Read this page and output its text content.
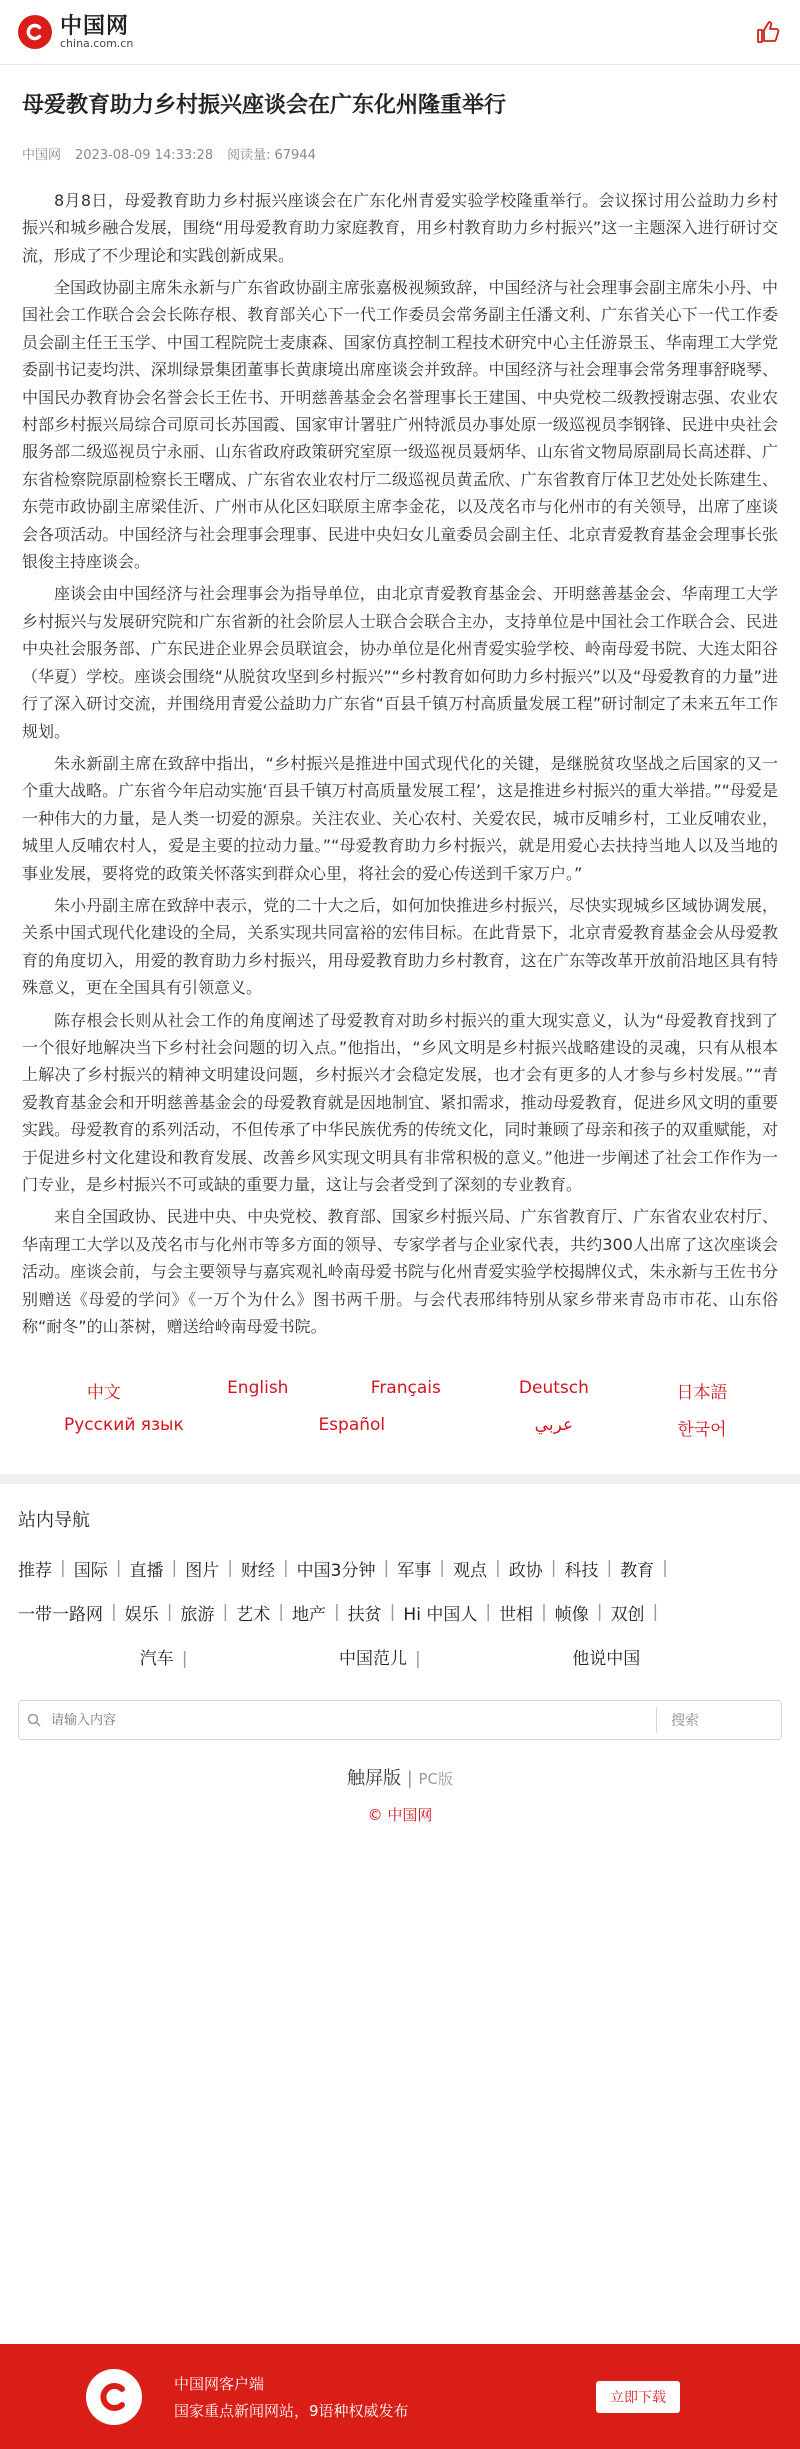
中国网
china.com.cn
母爱教育助力乡村振兴座谈会在广东化州隆重举行
中国网 2023-08-09 14:33:28 阅读量: 67944

8月8日，母爱教育助力乡村振兴座谈会在广东化州青爱实验学校隆重举行。会议探讨用公益助力乡村振兴和城乡融合发展，围绕“用母爱教育助力家庭教育，用乡村教育助力乡村振兴”这一主题深入进行研讨交流，形成了不少理论和实践创新成果。

全国政协副主席朱永新与广东省政协副主席张嘉极视频致辞，中国经济与社会理事会副主席朱小丹、中国社会工作联合会会长陈存根、教育部关心下一代工作委员会常务副主任潘文利、广东省关心下一代工作委员会副主任王玉学、中国工程院院士麦康森、国家仿真控制工程技术研究中心主任游景玉、华南理工大学党委副书记麦均洪、深圳绿景集团董事长黄康境出席座谈会并致辞。中国经济与社会理事会常务理事舒晓琴、中国民办教育协会名誉会长王佐书、开明慈善基金会名誉理事长王建国、中央党校二级教授谢志强、农业农村部乡村振兴局综合司原司长苏国霞、国家审计署驻广州特派员办事处原一级巡视员李钢锋、民进中央社会服务部二级巡视员宁永丽、山东省政府政策研究室原一级巡视员聂炳华、山东省文物局原副局长高述群、广东省检察院原副检察长王曙成、广东省农业农村厅二级巡视员黄孟欣、广东省教育厅体卫艺处处长陈建生、东莞市政协副主席梁佳沂、广州市从化区妇联原主席李金花，以及茂名市与化州市的有关领导，出席了座谈会各项活动。中国经济与社会理事会理事、民进中央妇女儿童委员会副主任、北京青爱教育基金会理事长张银俊主持座谈会。

座谈会由中国经济与社会理事会为指导单位，由北京青爱教育基金会、开明慈善基金会、华南理工大学乡村振兴与发展研究院和广东省新的社会阶层人士联合会联合主办，支持单位是中国社会工作联合会、民进中央社会服务部、广东民进企业界会员联谊会，协办单位是化州青爱实验学校、岭南母爱书院、大连太阳谷（华夏）学校。座谈会围绕“从脱贫攻坚到乡村振兴”“乡村教育如何助力乡村振兴”以及“母爱教育的力量”进行了深入研讨交流，并围绕用青爱公益助力广东省“百县千镇万村高质量发展工程”研讨制定了未来五年工作规划。

朱永新副主席在致辞中指出，“乡村振兴是推进中国式现代化的关键，是继脱贫攻坚战之后国家的又一个重大战略。广东省今年启动实施‘百县千镇万村高质量发展工程’，这是推进乡村振兴的重大举措。”“母爱是一种伟大的力量，是人类一切爱的源泉。关注农业、关心农村、关爱农民，城市反哺乡村，工业反哺农业，城里人反哺农村人，爱是主要的拉动力量。”“母爱教育助力乡村振兴，就是用爱心去扶持当地人以及当地的事业发展，要将党的政策关怀落实到群众心里，将社会的爱心传送到千家万户。”

朱小丹副主席在致辞中表示，党的二十大之后，如何加快推进乡村振兴，尽快实现城乡区域协调发展，关系中国式现代化建设的全局，关系实现共同富裕的宏伟目标。在此背景下，北京青爱教育基金会从母爱教育的角度切入，用爱的教育助力乡村振兴，用母爱教育助力乡村教育，这在广东等改革开放前沿地区具有特殊意义，更在全国具有引领意义。

陈存根会长则从社会工作的角度阐述了母爱教育对助乡村振兴的重大现实意义，认为“母爱教育找到了一个很好地解决当下乡村社会问题的切入点。”他指出，“乡风文明是乡村振兴战略建设的灵魂，只有从根本上解决了乡村振兴的精神文明建设问题，乡村振兴才会稳定发展，也才会有更多的人才参与乡村发展。”“青爱教育基金会和开明慈善基金会的母爱教育就是因地制宜、紧扣需求，推动母爱教育，促进乡风文明的重要实践。母爱教育的系列活动，不但传承了中华民族优秀的传统文化，同时兼顾了母亲和孩子的双重赋能，对于促进乡村文化建设和教育发展、改善乡风实现文明具有非常积极的意义。”他进一步阐述了社会工作作为一门专业，是乡村振兴不可或缺的重要力量，这让与会者受到了深刻的专业教育。

来自全国政协、民进中央、中央党校、教育部、国家乡村振兴局、广东省教育厅、广东省农业农村厅、华南理工大学以及茂名市与化州市等多方面的领导、专家学者与企业家代表，共约300人出席了这次座谈会活动。座谈会前，与会主要领导与嘉宾观礼岭南母爱书院与化州青爱实验学校揭牌仪式，朱永新与王佐书分别赠送《母爱的学问》《一万个为什么》图书两千册。与会代表邢纬特别从家乡带来青岛市市花、山东俗称“耐冬”的山茶树，赠送给岭南母爱书院。

中文	English	Français	Deutsch	日本語
Русский язык	Español	عربي	한국어
站内导航
推荐 | 国际 | 直播 | 图片 | 财经 | 中国3分钟 | 军事 | 观点 | 政协 | 科技 | 教育 |
一带一路网 | 娱乐 | 旅游 | 艺术 | 地产 | 扶贫 | Hi 中国人 | 世相 | 帧像 | 双创 |
汽车 |	中国范儿 |	他说中国
请输入内容
搜索
触屏版 | PC版
© 中国网
中国网客户端
国家重点新闻网站，9语种权威发布
立即下载
